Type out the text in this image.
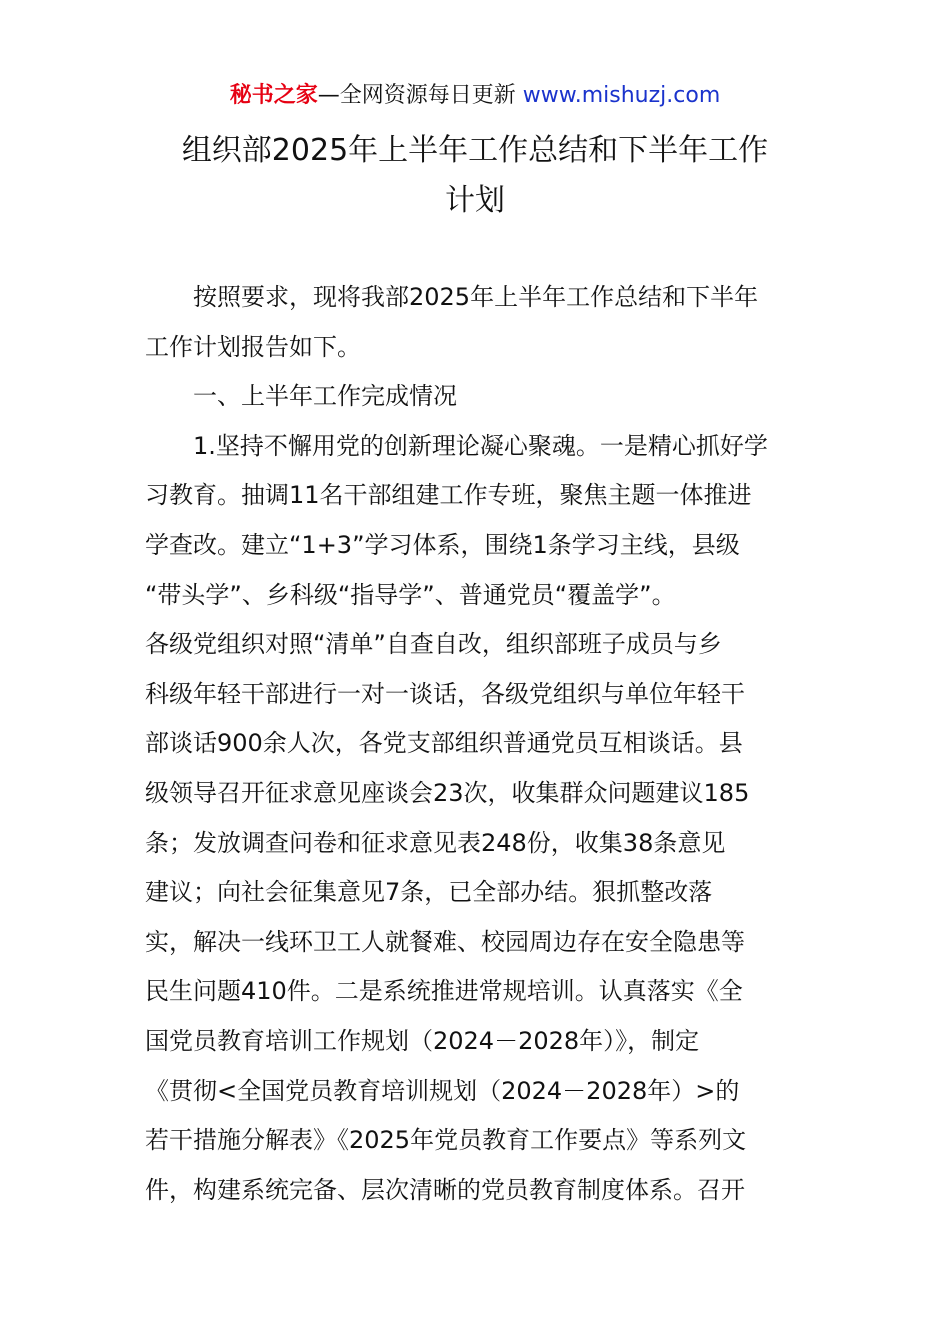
秘书之家—全网资源每日更新 www.mishuzj.com
组织部2025年上半年工作总结和下半年工作
计划
按照要求，现将我部2025年上半年工作总结和下半年
工作计划报告如下。
一、上半年工作完成情况
1.坚持不懈用党的创新理论凝心聚魂。一是精心抓好学
习教育。抽调11名干部组建工作专班，聚焦主题一体推进
学查改。建立“1+3”学习体系，围绕1条学习主线，县级
“带头学”、乡科级“指导学”、普通党员“覆盖学”。
各级党组织对照“清单”自查自改，组织部班子成员与乡
科级年轻干部进行一对一谈话，各级党组织与单位年轻干
部谈话900余人次，各党支部组织普通党员互相谈话。县
级领导召开征求意见座谈会23次，收集群众问题建议185
条；发放调查问卷和征求意见表248份，收集38条意见
建议；向社会征集意见7条，已全部办结。狠抓整改落
实，解决一线环卫工人就餐难、校园周边存在安全隐患等
民生问题410件。二是系统推进常规培训。认真落实《全
国党员教育培训工作规划（2024－2028年）》，制定
《贯彻<全国党员教育培训规划（2024－2028年）>的
若干措施分解表》《2025年党员教育工作要点》等系列文
件，构建系统完备、层次清晰的党员教育制度体系。召开
